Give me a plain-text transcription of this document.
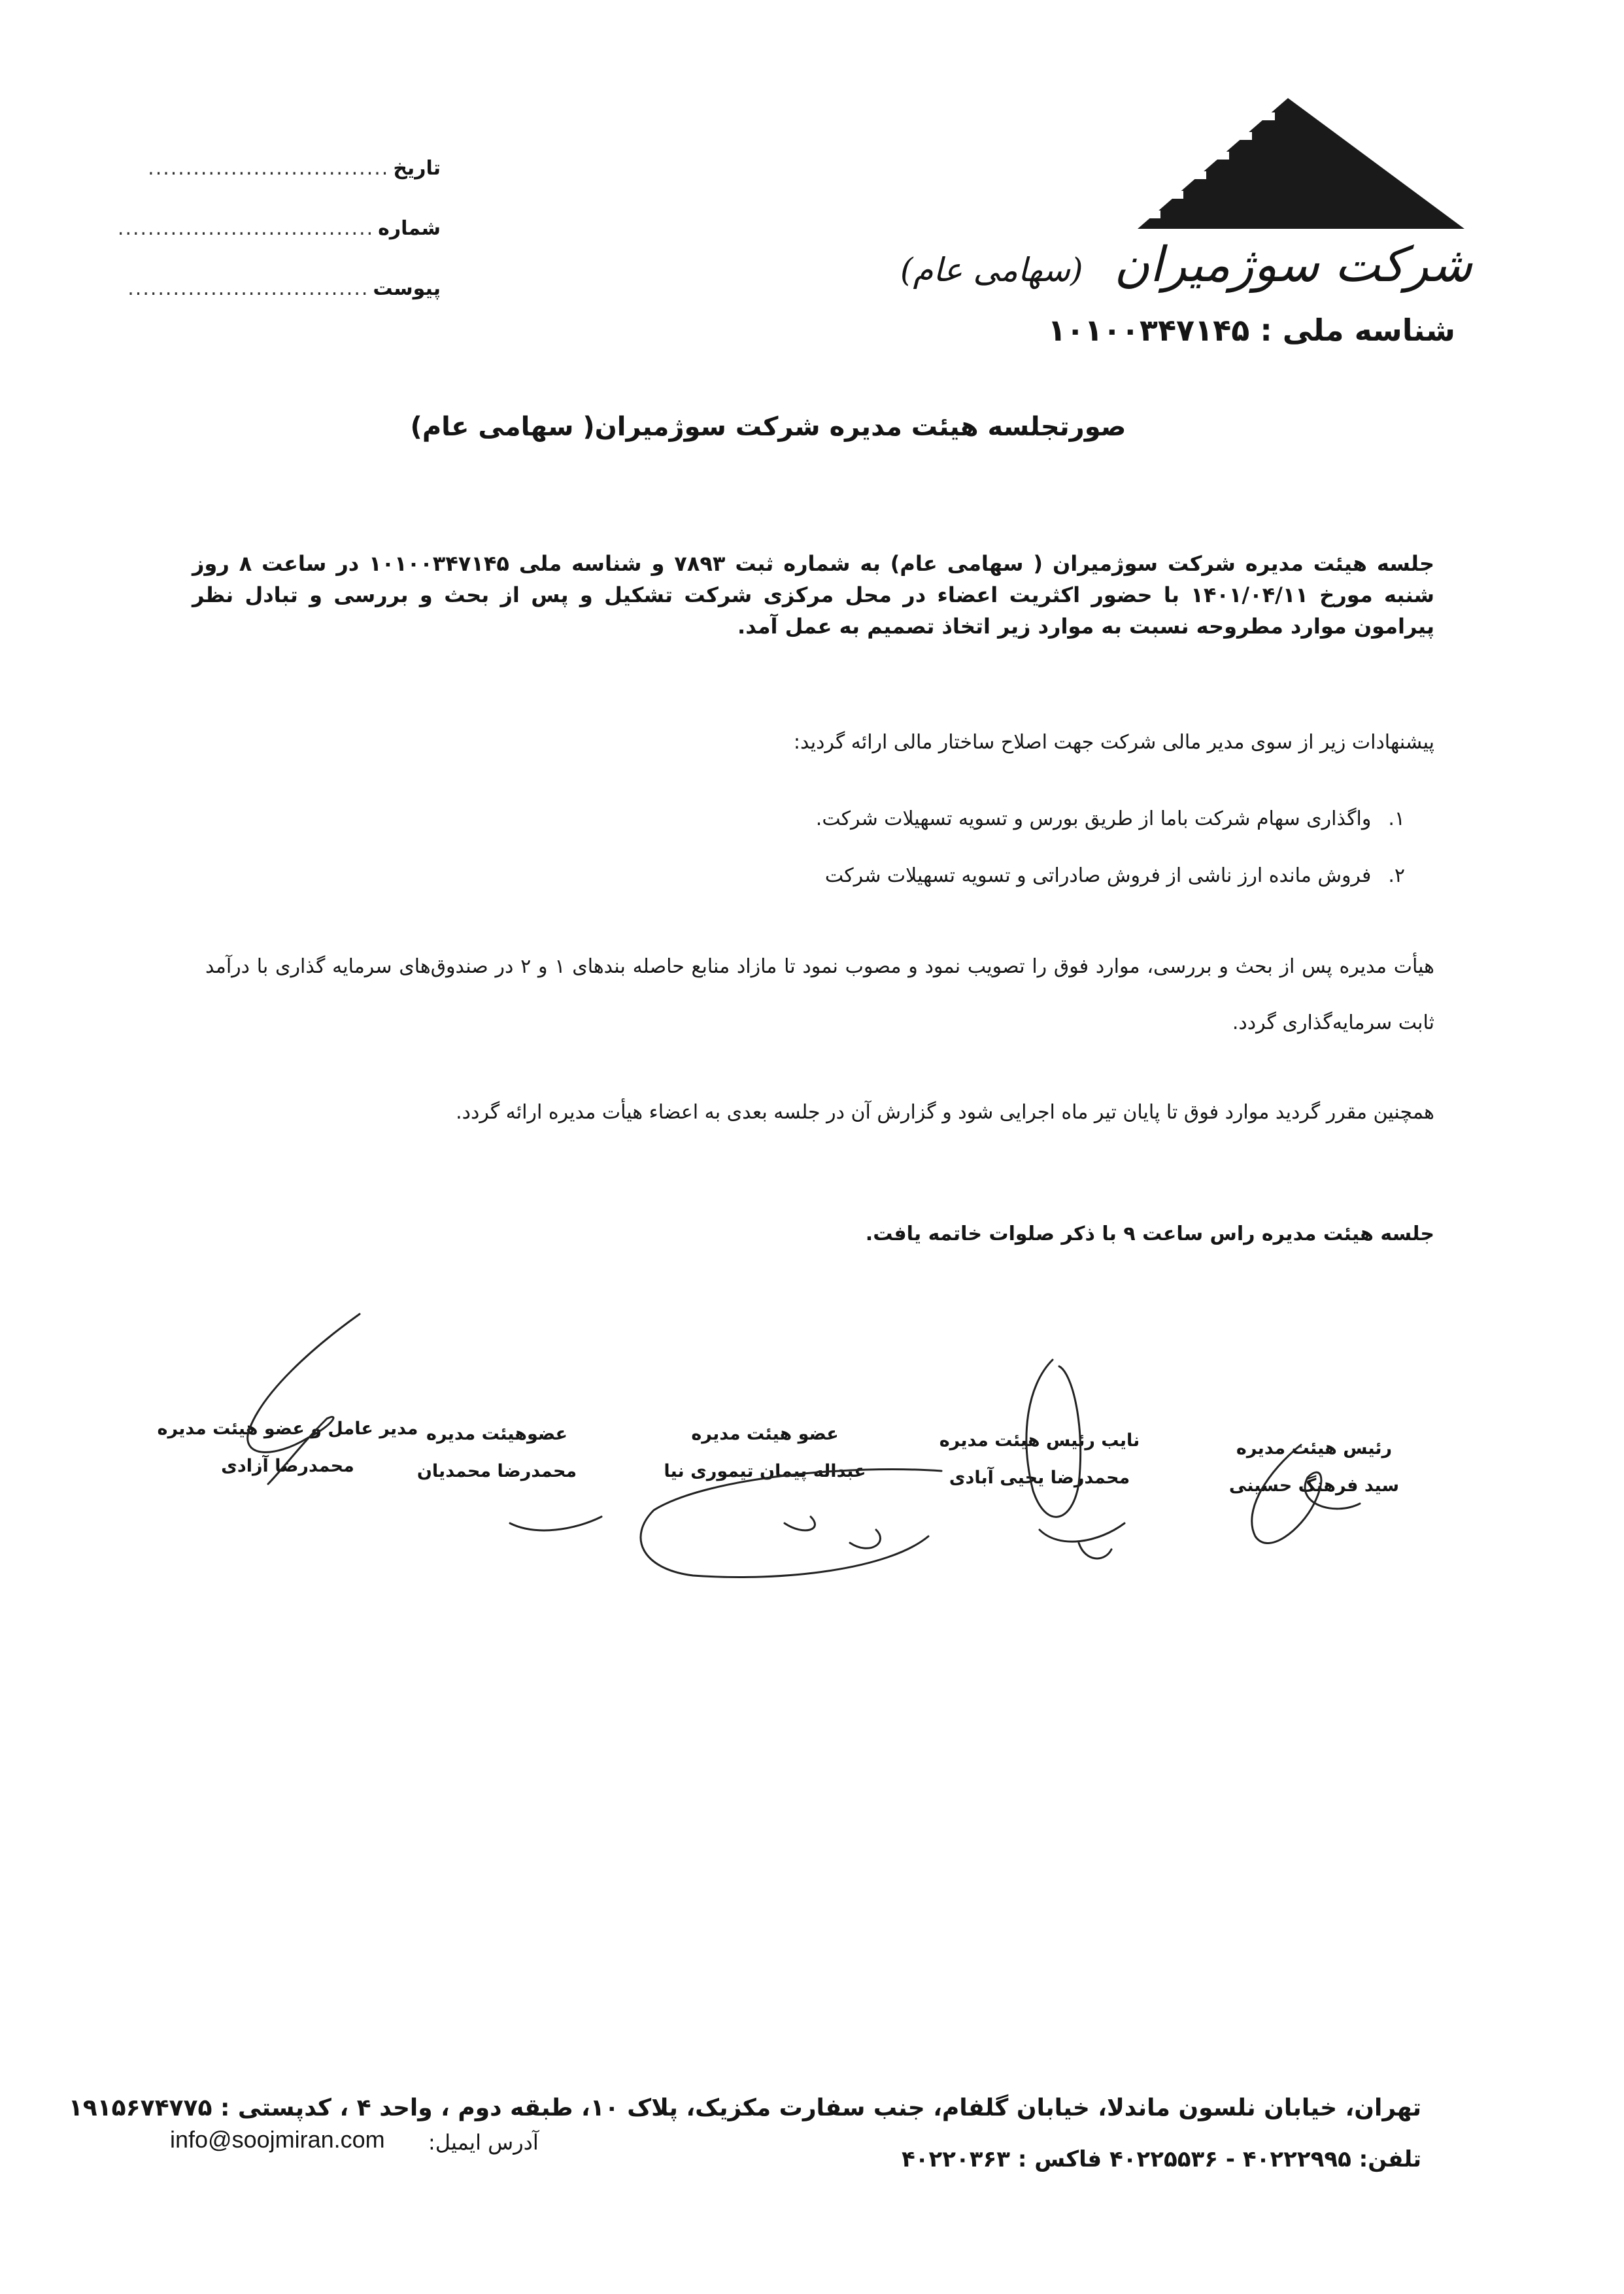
شرکت سوژمیران (سهامی عام)
شناسه ملی : ۱۰۱۰۰۳۴۷۱۴۵
تاریخ
................................
شماره
..................................
پیوست
................................
صورتجلسه هیئت مدیره شرکت سوژمیران( سهامی عام)
جلسه هیئت مدیره شرکت سوژمیران ( سهامی عام) به شماره ثبت ۷۸۹۳ و شناسه ملی ۱۰۱۰۰۳۴۷۱۴۵ در ساعت ۸ روز شنبه مورخ ۱۴۰۱/۰۴/۱۱ با حضور اکثریت اعضاء در محل مرکزی شرکت تشکیل و پس از بحث و بررسی و تبادل نظر پیرامون موارد مطروحه نسبت به موارد زیر اتخاذ تصمیم به عمل آمد.
پیشنهادات زیر از سوی مدیر مالی شرکت جهت اصلاح ساختار مالی ارائه گردید:
۱.
واگذاری سهام شرکت باما از طریق بورس و تسویه تسهیلات شرکت.
۲.
فروش مانده ارز ناشی از فروش صادراتی و تسویه تسهیلات شرکت
هیأت مدیره پس از بحث و بررسی، موارد فوق را تصویب نمود و مصوب نمود تا مازاد منابع حاصله بندهای ۱ و ۲ در صندوق‌های سرمایه گذاری با درآمد ثابت سرمایه‌گذاری گردد.
همچنین مقرر گردید موارد فوق تا پایان تیر ماه اجرایی شود و گزارش آن در جلسه بعدی به اعضاء هیأت مدیره ارائه گردد.
جلسه هیئت مدیره راس ساعت ۹ با ذکر صلوات خاتمه یافت.
رئیس هیئت مدیره
سید فرهنگ حسینی
نایب رئیس هیئت مدیره
محمدرضا یحیی آبادی
عضو هیئت مدیره
عبداله پیمان تیموری نیا
عضوهیئت مدیره
محمدرضا محمدیان
مدیر عامل و عضو هیئت مدیره
محمدرضا آزادی
تهران، خیابان نلسون ماندلا، خیابان گلفام، جنب سفارت مکزیک، پلاک ۱۰، طبقه دوم ، واحد ۴ ، کدپستی : ۱۹۱۵۶۷۴۷۷۵
تلفن: ۴۰۲۲۲۹۹۵ - ۴۰۲۲۵۵۳۶ فاکس : ۴۰۲۲۰۳۶۳
آدرس ایمیل:
info@soojmiran.com
